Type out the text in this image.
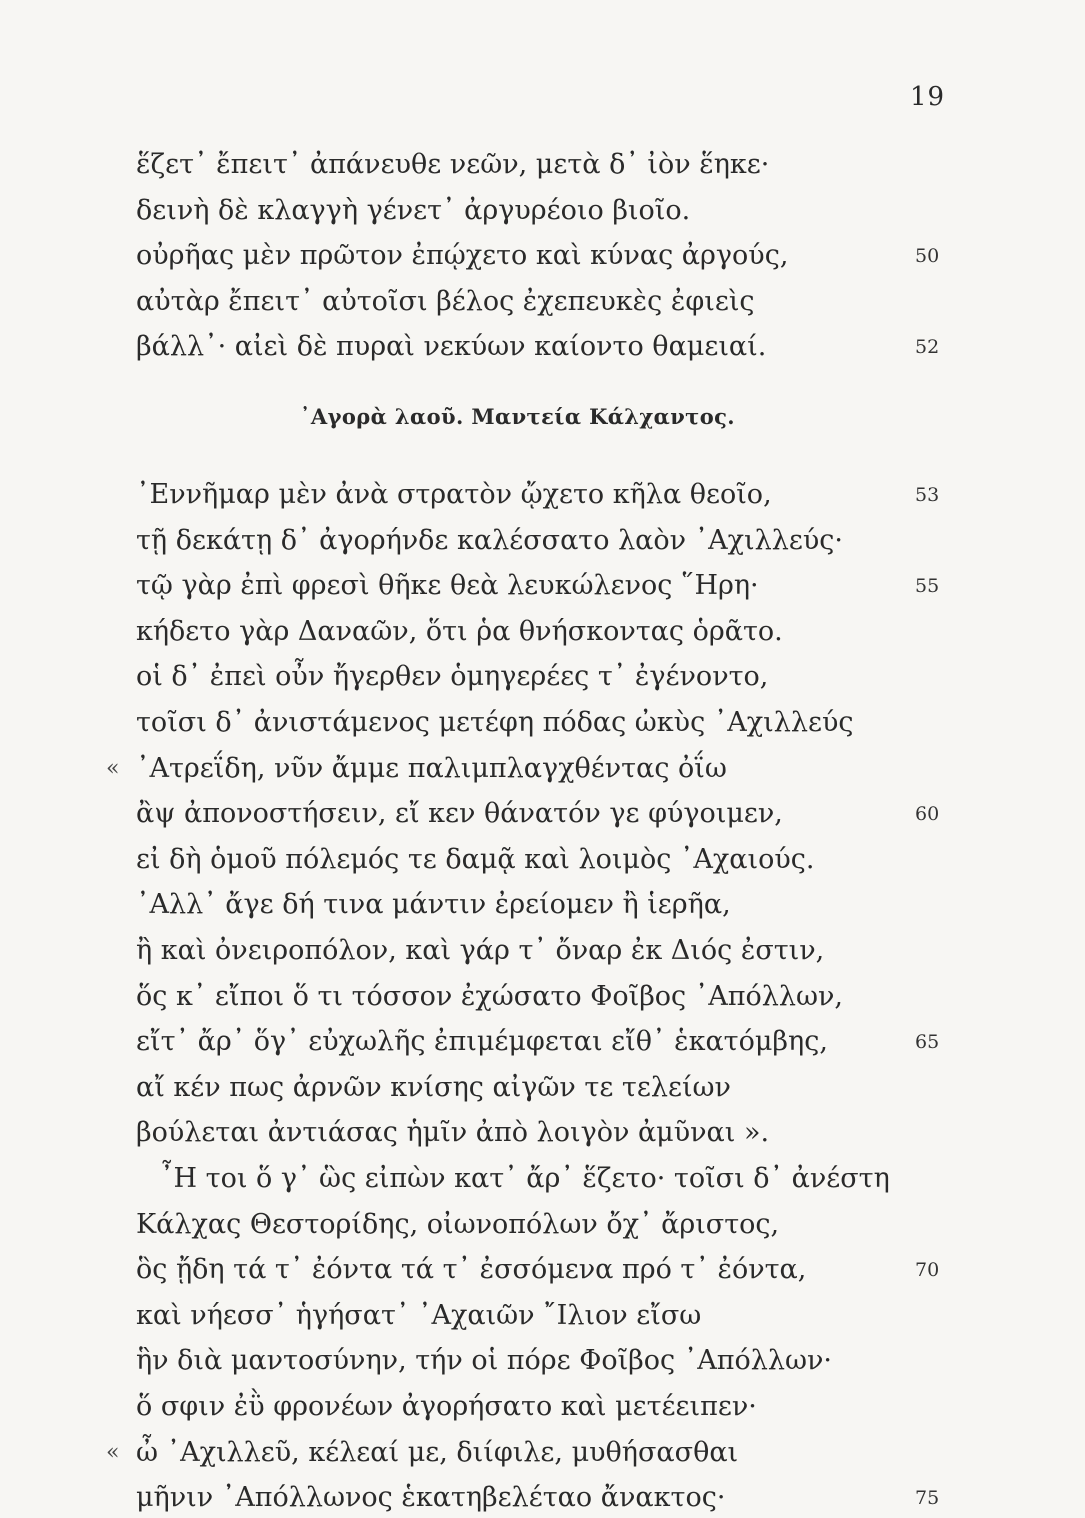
19
ἕζετ᾽ ἔπειτ᾽ ἀπάνευθε νεῶν, μετὰ δ᾽ ἰὸν ἕηκε·
δεινὴ δὲ κλαγγὴ γένετ᾽ ἀργυρέοιο βιοῖο.
οὐρῆας μὲν πρῶτον ἐπῴχετο καὶ κύνας ἀργούς,	50
αὐτὰρ ἔπειτ᾽ αὐτοῖσι βέλος ἐχεπευκὲς ἐφιεὶς
βάλλ᾽· αἰεὶ δὲ πυραὶ νεκύων καίοντο θαμειαί.	52
᾽Αγορὰ λαοῦ. Μαντεία Κάλχαντος.
᾽Εννῆμαρ μὲν ἀνὰ στρατὸν ᾤχετο κῆλα θεοῖο,	53
τῇ δεκάτῃ δ᾽ ἀγορήνδε καλέσσατο λαὸν ᾽Αχιλλεύς·
τῷ γὰρ ἐπὶ φρεσὶ θῆκε θεὰ λευκώλενος ῞Ηρη·	55
κήδετο γὰρ Δαναῶν, ὅτι ῥα θνήσκοντας ὁρᾶτο.
οἱ δ᾽ ἐπεὶ οὖν ἤγερθεν ὁμηγερέες τ᾽ ἐγένοντο,
τοῖσι δ᾽ ἀνιστάμενος μετέφη πόδας ὠκὺς ᾽Αχιλλεύς
« ᾽Ατρεΐδη, νῦν ἄμμε παλιμπλαγχθέντας ὀΐω
ἂψ ἀπονοστήσειν, εἴ κεν θάνατόν γε φύγοιμεν,	60
εἰ δὴ ὁμοῦ πόλεμός τε δαμᾷ καὶ λοιμὸς ᾽Αχαιούς.
᾽Αλλ᾽ ἄγε δή τινα μάντιν ἐρείομεν ἢ ἱερῆα,
ἢ καὶ ὀνειροπόλον, καὶ γάρ τ᾽ ὄναρ ἐκ Διός ἐστιν,
ὅς κ᾽ εἴποι ὅ τι τόσσον ἐχώσατο Φοῖβος ᾽Απόλλων,
εἴτ᾽ ἄρ᾽ ὅγ᾽ εὐχωλῆς ἐπιμέμφεται εἴθ᾽ ἑκατόμβης,	65
αἴ κέν πως ἀρνῶν κνίσης αἰγῶν τε τελείων
βούλεται ἀντιάσας ἡμῖν ἀπὸ λοιγὸν ἀμῦναι ».
῏Η τοι ὅ γ᾽ ὣς εἰπὼν κατ᾽ ἄρ᾽ ἕζετο· τοῖσι δ᾽ ἀνέστη
Κάλχας Θεστορίδης, οἰωνοπόλων ὄχ᾽ ἄριστος,
ὃς ᾔδη τά τ᾽ ἐόντα τά τ᾽ ἐσσόμενα πρό τ᾽ ἐόντα,	70
καὶ νήεσσ᾽ ἡγήσατ᾽ ᾽Αχαιῶν ῎Ιλιον εἴσω
ἣν διὰ μαντοσύνην, τήν οἱ πόρε Φοῖβος ᾽Απόλλων·
ὅ σφιν ἐῢ φρονέων ἀγορήσατο καὶ μετέειπεν·
« ὦ ᾽Αχιλλεῦ, κέλεαί με, διίφιλε, μυθήσασθαι
μῆνιν ᾽Απόλλωνος ἑκατηβελέταο ἄνακτος·	75
